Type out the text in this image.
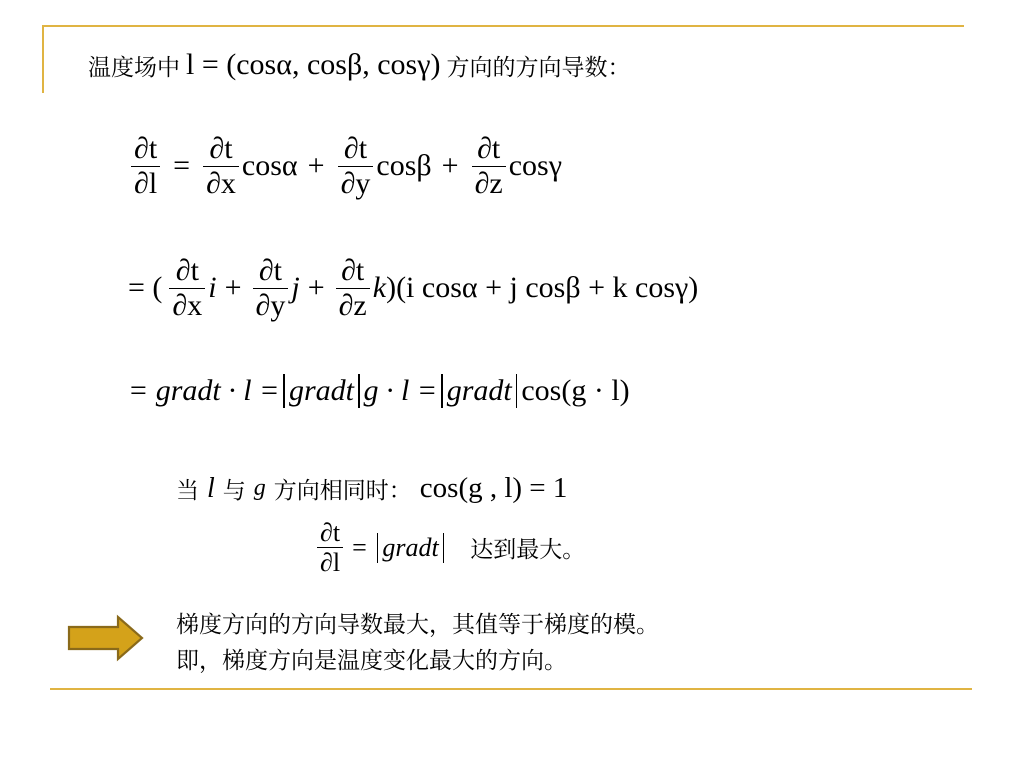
温度场中 l = (cosα, cosβ, cosγ) 方向的方向导数：
$\frac{\partial t}{\partial l} = \frac{\partial t}{\partial x}$ $\cos\alpha + \frac{\partial t}{\partial y}$ $\cos\beta + \frac{\partial t}{\partial z}$ cosγ
= ( $\frac{\partial t}{\partial x}$ $i + \frac{\partial t}{\partial y}$ $j + \frac{\partial t}{\partial z}$ k )(i cosα + j cosβ + k cosγ)
= gradt · l = gradt g · l = gradt cos(g · l)
当 l 与 g 方向相同时： cos(g , l) = 1
$\frac{\partial t}{\partial l}$ = gradt 达到最大。
梯度方向的方向导数最大，其值等于梯度的模。
即，梯度方向是温度变化最大的方向。
